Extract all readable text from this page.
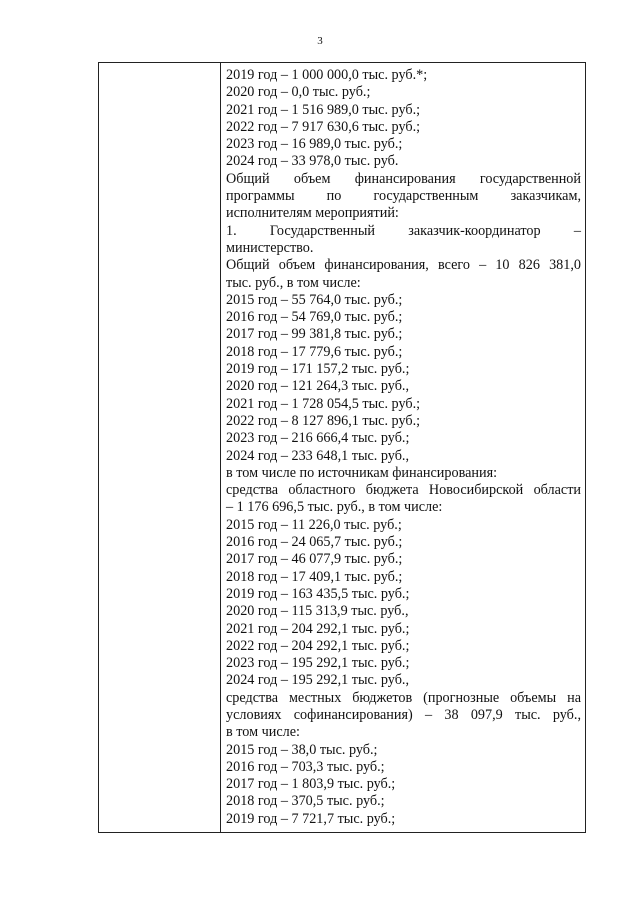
3
2019 год – 1 000 000,0 тыс. руб.*;
2020 год – 0,0 тыс. руб.;
2021 год – 1 516 989,0 тыс. руб.;
2022 год – 7 917 630,6 тыс. руб.;
2023 год – 16 989,0 тыс. руб.;
2024 год – 33 978,0 тыс. руб.
Общий объем финансирования государственной
программы по государственным заказчикам,
исполнителям мероприятий:
1. Государственный заказчик-координатор –
министерство.
Общий объем финансирования, всего – 10 826 381,0
тыс. руб., в том числе:
2015 год – 55 764,0 тыс. руб.;
2016 год – 54 769,0 тыс. руб.;
2017 год – 99 381,8 тыс. руб.;
2018 год – 17 779,6 тыс. руб.;
2019 год – 171 157,2 тыс. руб.;
2020 год – 121 264,3 тыс. руб.,
2021 год – 1 728 054,5 тыс. руб.;
2022 год – 8 127 896,1 тыс. руб.;
2023 год – 216 666,4 тыс. руб.;
2024 год – 233 648,1 тыс. руб.,
в том числе по источникам финансирования:
средства областного бюджета Новосибирской области
– 1 176 696,5 тыс. руб., в том числе:
2015 год – 11 226,0 тыс. руб.;
2016 год – 24 065,7 тыс. руб.;
2017 год – 46 077,9 тыс. руб.;
2018 год – 17 409,1 тыс. руб.;
2019 год – 163 435,5 тыс. руб.;
2020 год – 115 313,9 тыс. руб.,
2021 год – 204 292,1 тыс. руб.;
2022 год – 204 292,1 тыс. руб.;
2023 год – 195 292,1 тыс. руб.;
2024 год – 195 292,1 тыс. руб.,
средства местных бюджетов (прогнозные объемы на
условиях софинансирования) – 38 097,9 тыс. руб.,
в том числе:
2015 год – 38,0 тыс. руб.;
2016 год – 703,3 тыс. руб.;
2017 год – 1 803,9 тыс. руб.;
2018 год – 370,5 тыс. руб.;
2019 год – 7 721,7 тыс. руб.;
